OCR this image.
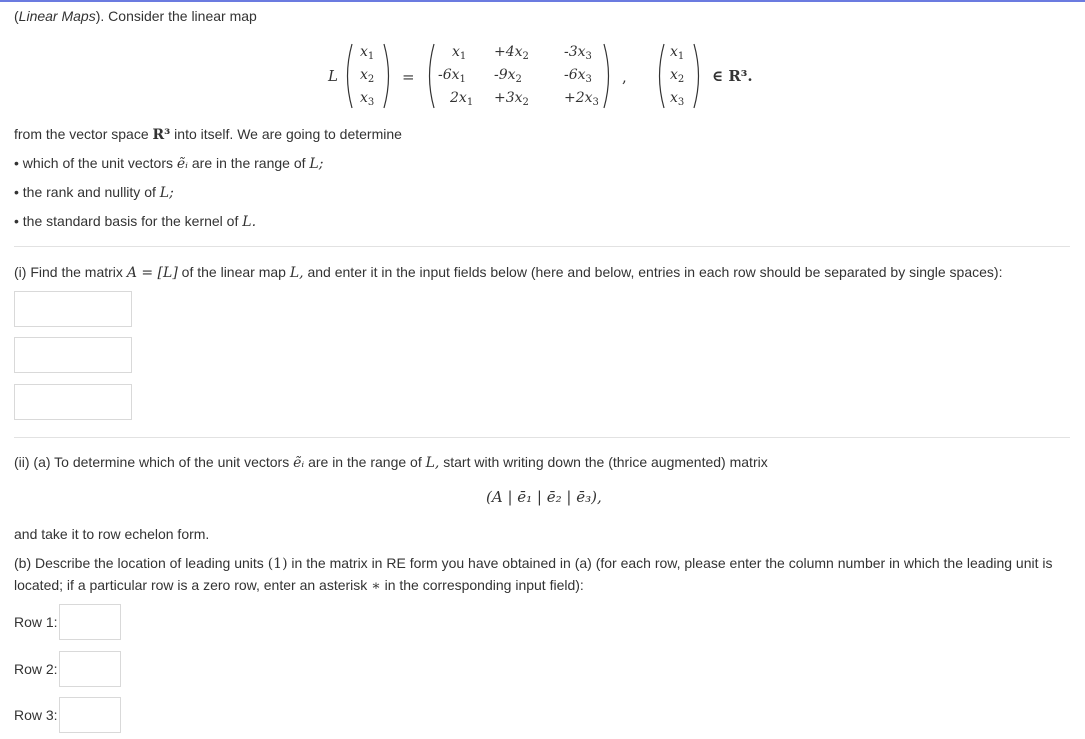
(Linear Maps). Consider the linear map
L
$x_1$
$x_2$
$x_3$
=
$x_1 +4x_2$	$-3x_3$
$-6x_1$ $-9x_2$	$-6x_3$
$2x_1 +3x_2$	$+2x_3$
,
$x_1$
$x_2$
$x_3$
∈ R³.
from the vector space R³ into itself. We are going to determine
• which of the unit vectors ẽᵢ are in the range of L;
• the rank and nullity of L;
• the standard basis for the kernel of L.
(i) Find the matrix A = [L] of the linear map L, and enter it in the input fields below (here and below, entries in each row should be separated by single spaces):
(ii) (a) To determine which of the unit vectors ẽᵢ are in the range of L, start with writing down the (thrice augmented) matrix
(A | ē₁ | ē₂ | ē₃),
and take it to row echelon form.
(b) Describe the location of leading units (1) in the matrix in RE form you have obtained in (a) (for each row, please enter the column number in which the leading unit is
located; if a particular row is a zero row, enter an asterisk ∗ in the corresponding input field):
Row 1:
Row 2:
Row 3:
